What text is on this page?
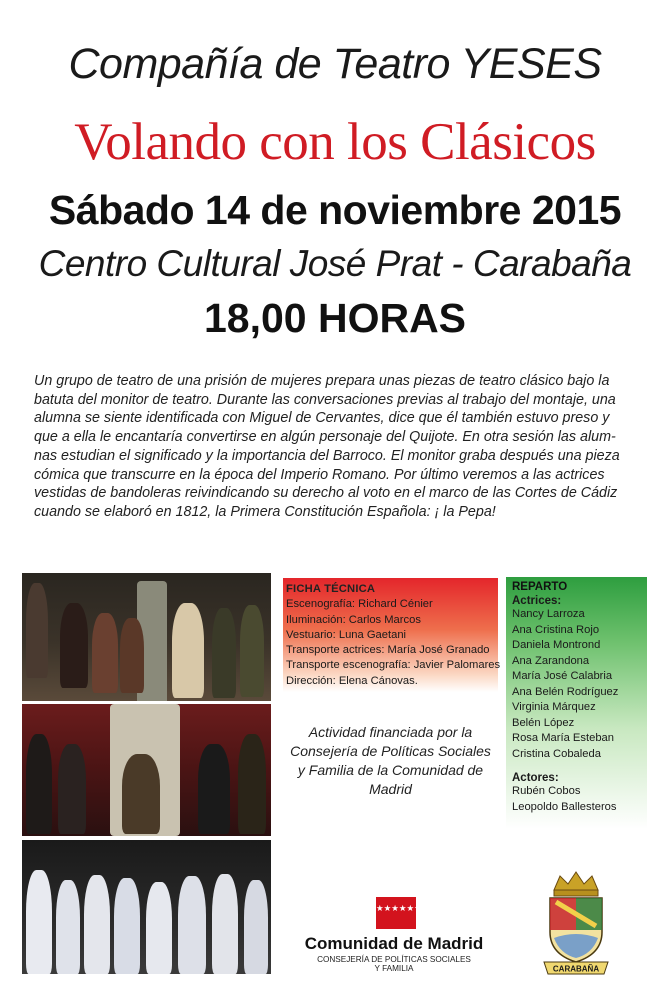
Compañía de Teatro YESES
Volando con los Clásicos
Sábado 14 de noviembre 2015
Centro Cultural José Prat - Carabaña
18,00 HORAS
Un grupo de teatro de una prisión de mujeres prepara unas piezas de teatro clásico bajo la
batuta del monitor de teatro. Durante las conversaciones previas al trabajo del montaje, una
alumna se siente identificada con Miguel de Cervantes, dice que él también estuvo preso y
que a ella le encantaría convertirse en algún personaje del Quijote. En otra sesión las alum-
nas estudian el significado y la importancia del Barroco. El monitor graba después una pieza
cómica que transcurre en la época del Imperio Romano. Por último veremos a las actrices
vestidas de bandoleras reivindicando su derecho al voto en el marco de las Cortes de Cádiz
cuando se elaboró en 1812, la Primera Constitución Española: ¡ la Pepa!
FICHA TÉCNICA
Escenografía: Richard Cénier
Iluminación: Carlos Marcos
Vestuario: Luna Gaetani
Transporte actrices: María José Granado
Transporte escenografía: Javier Palomares
Dirección: Elena Cánovas.
Actividad financiada por la
Consejería de Políticas Sociales
y Familia de la Comunidad de
Madrid
REPARTO
Actrices:
Nancy Larroza
Ana Cristina Rojo
Daniela Montrond
Ana Zarandona
María José Calabria
Ana Belén Rodríguez
Virginia Márquez
Belén López
Rosa María Esteban
Cristina Cobaleda
Actores:
Rubén Cobos
Leopoldo Ballesteros
★★★★★★★
Comunidad de Madrid
CONSEJERÍA DE POLÍTICAS SOCIALES
Y FAMILIA	CARABAÑA
